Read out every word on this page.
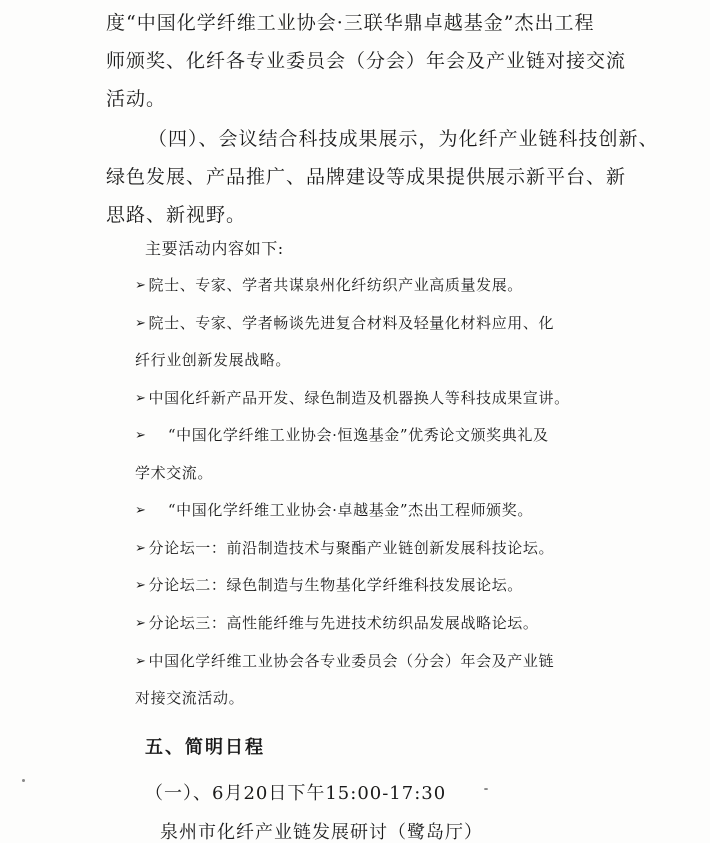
度“中国化学纤维工业协会·三联华鼎卓越基金”杰出工程
师颁奖、化纤各专业委员会（分会）年会及产业链对接交流
活动。
（四）、会议结合科技成果展示，为化纤产业链科技创新、
绿色发展、产品推广、品牌建设等成果提供展示新平台、新
思路、新视野。
主要活动内容如下:
➢ 院士、专家、学者共谋泉州化纤纺织产业高质量发展。
➢ 院士、专家、学者畅谈先进复合材料及轻量化材料应用、化
纤行业创新发展战略。
➢ 中国化纤新产品开发、绿色制造及机器换人等科技成果宣讲。
➢ “中国化学纤维工业协会·恒逸基金”优秀论文颁奖典礼及
学术交流。
➢ “中国化学纤维工业协会·卓越基金”杰出工程师颁奖。
➢ 分论坛一：前沿制造技术与聚酯产业链创新发展科技论坛。
➢ 分论坛二：绿色制造与生物基化学纤维科技发展论坛。
➢ 分论坛三：高性能纤维与先进技术纺织品发展战略论坛。
➢ 中国化学纤维工业协会各专业委员会（分会）年会及产业链
对接交流活动。
五、简明日程
（一）、6月20日下午15:00-17:30
泉州市化纤产业链发展研讨（鹭岛厅）
